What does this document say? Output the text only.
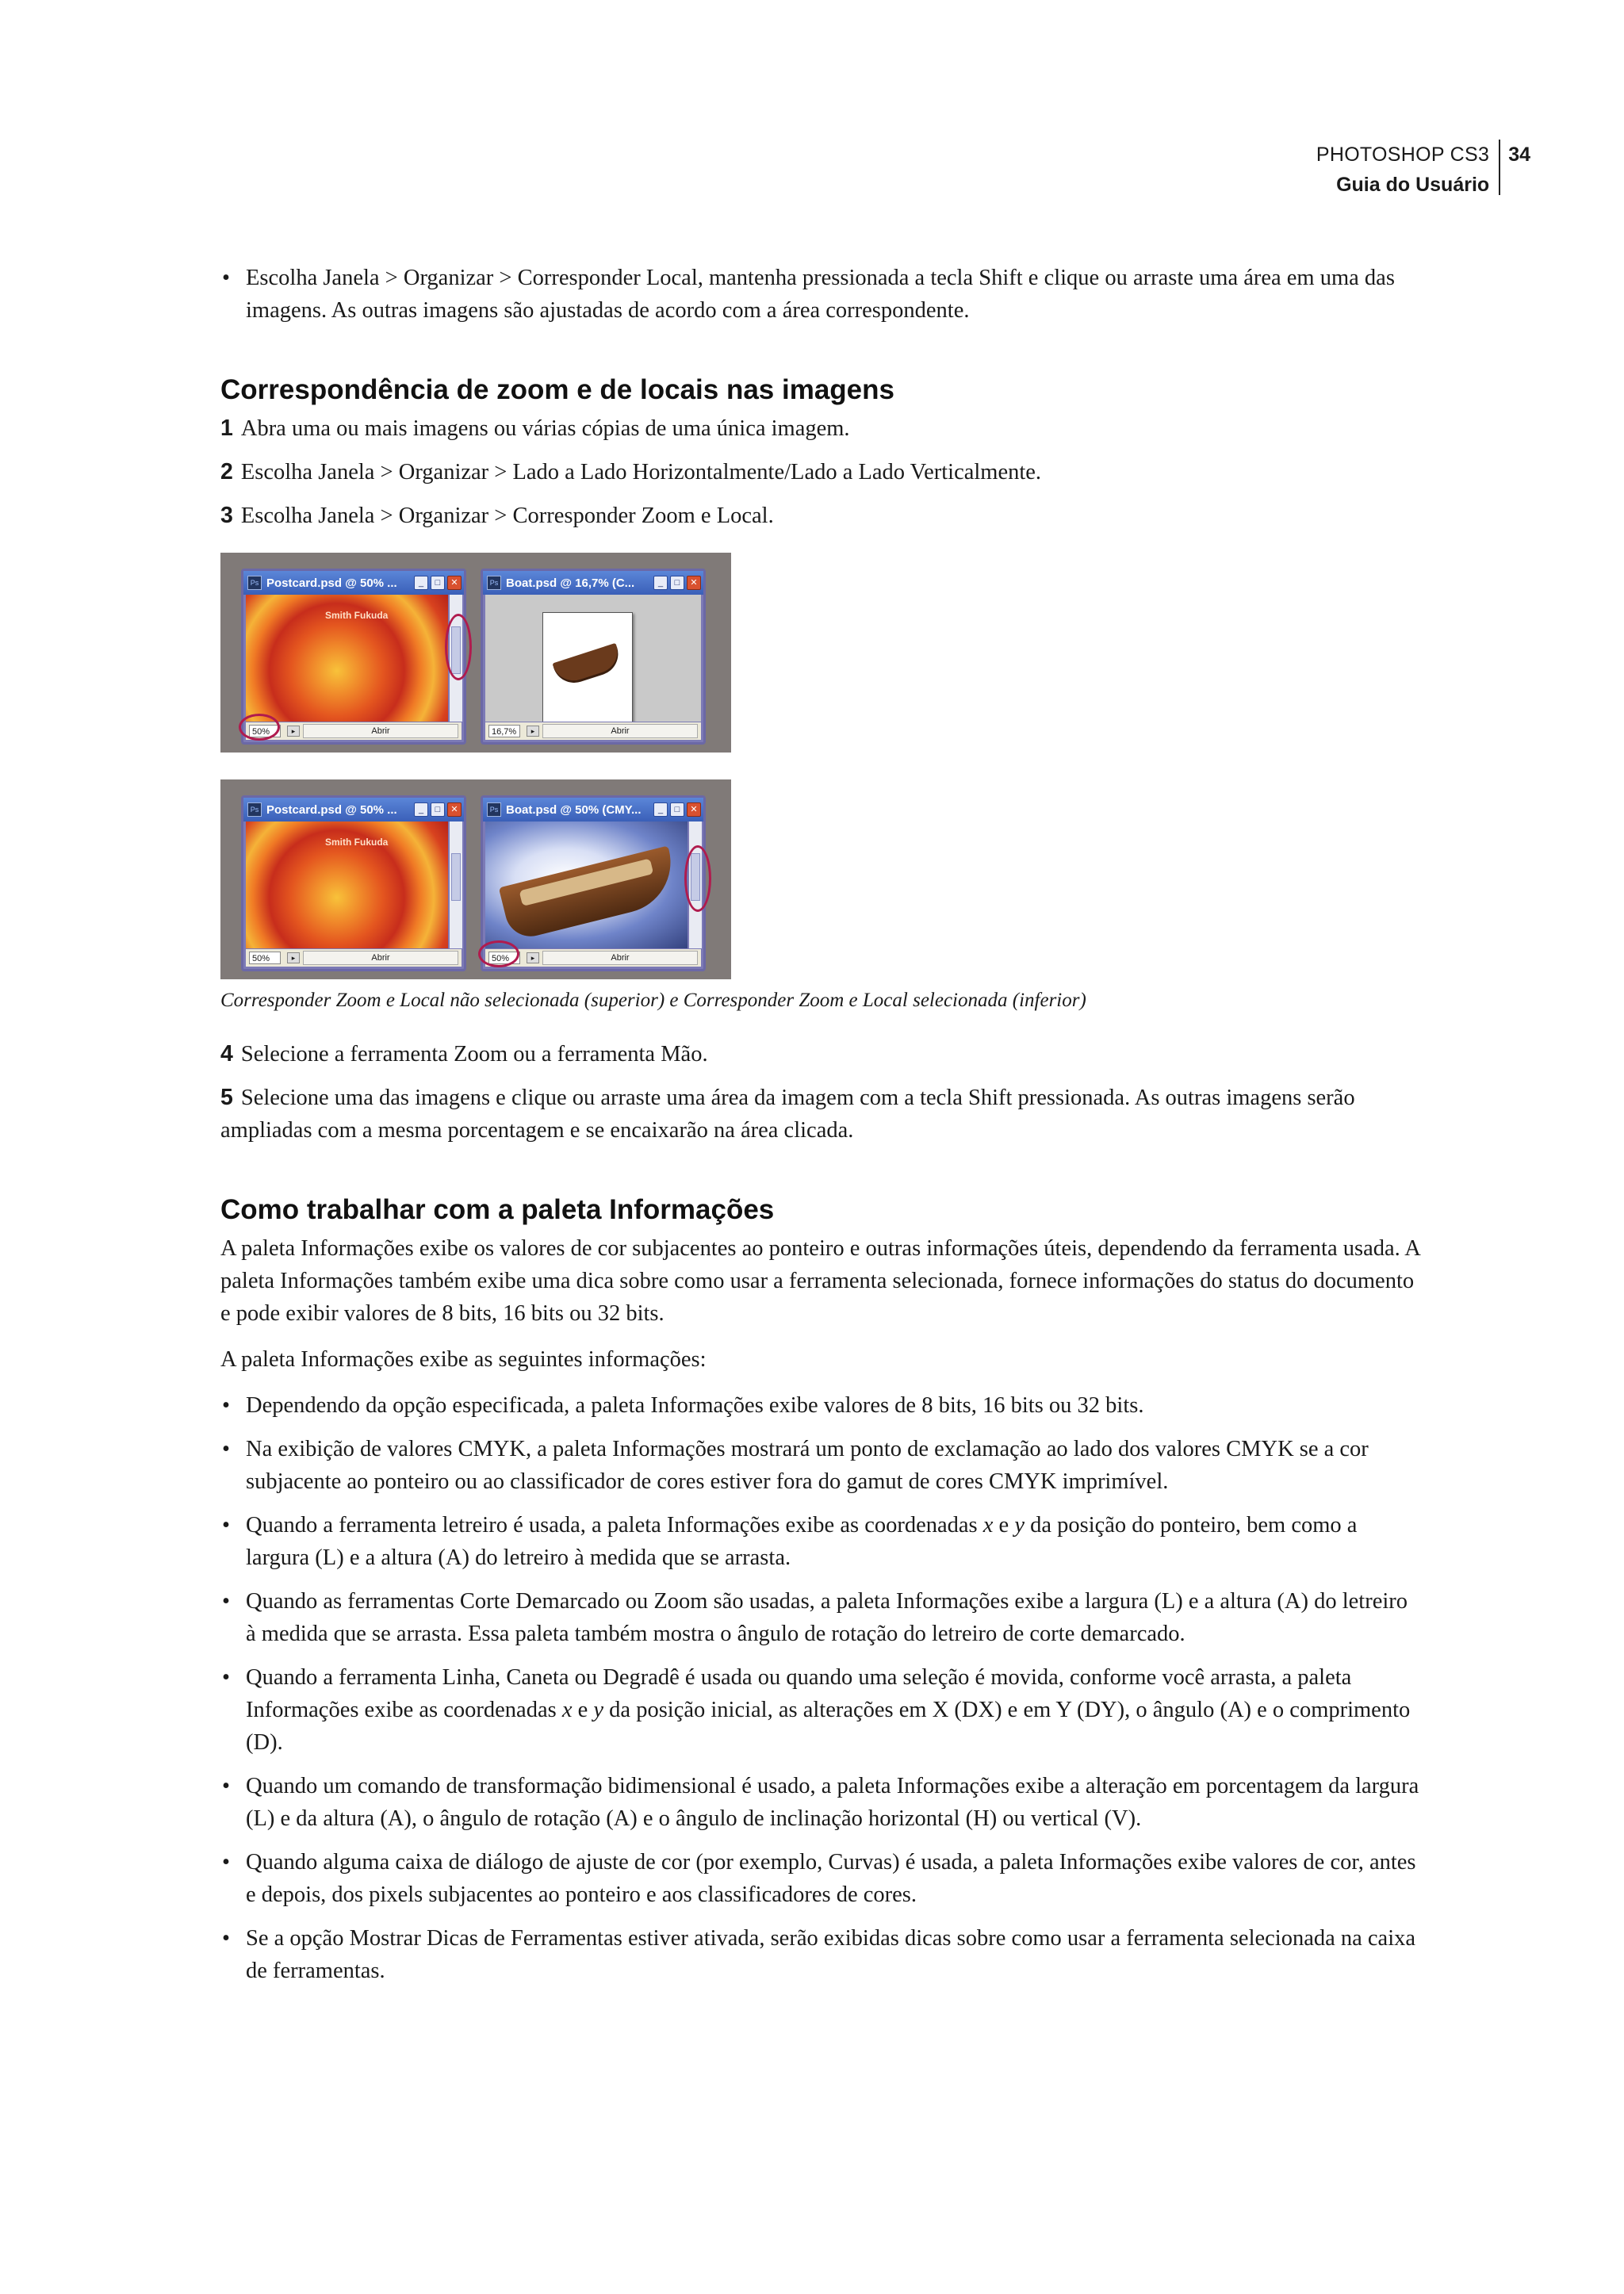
PHOTOSHOP CS3
Guia do Usuário
34

• Escolha Janela > Organizar > Corresponder Local, mantenha pressionada a tecla Shift e clique ou arraste uma área em uma das imagens. As outras imagens são ajustadas de acordo com a área correspondente.

Correspondência de zoom e de locais nas imagens

1 Abra uma ou mais imagens ou várias cópias de uma única imagem.

2 Escolha Janela > Organizar > Lado a Lado Horizontalmente/Lado a Lado Verticalmente.

3 Escolha Janela > Organizar > Corresponder Zoom e Local.

Ps Postcard.psd @ 50% ...	_	□	✕
Smith Fukuda
50%	▸	Abrir
Ps Boat.psd @ 16,7% (C...	_	□	✕
16,7%	▸	Abrir
Ps Postcard.psd @ 50% ...	_	□	✕
Smith Fukuda
50%	▸	Abrir
Ps Boat.psd @ 50% (CMY...	_	□	✕
50%	▸	Abrir

Corresponder Zoom e Local não selecionada (superior) e Corresponder Zoom e Local selecionada (inferior)

4 Selecione a ferramenta Zoom ou a ferramenta Mão.

5 Selecione uma das imagens e clique ou arraste uma área da imagem com a tecla Shift pressionada. As outras imagens serão ampliadas com a mesma porcentagem e se encaixarão na área clicada.

Como trabalhar com a paleta Informações

A paleta Informações exibe os valores de cor subjacentes ao ponteiro e outras informações úteis, dependendo da ferramenta usada. A paleta Informações também exibe uma dica sobre como usar a ferramenta selecionada, fornece informações do status do documento e pode exibir valores de 8 bits, 16 bits ou 32 bits.

A paleta Informações exibe as seguintes informações:

• Dependendo da opção especificada, a paleta Informações exibe valores de 8 bits, 16 bits ou 32 bits.

• Na exibição de valores CMYK, a paleta Informações mostrará um ponto de exclamação ao lado dos valores CMYK se a cor subjacente ao ponteiro ou ao classificador de cores estiver fora do gamut de cores CMYK imprimível.

• Quando a ferramenta letreiro é usada, a paleta Informações exibe as coordenadas x e y da posição do ponteiro, bem como a largura (L) e a altura (A) do letreiro à medida que se arrasta.

• Quando as ferramentas Corte Demarcado ou Zoom são usadas, a paleta Informações exibe a largura (L) e a altura (A) do letreiro à medida que se arrasta. Essa paleta também mostra o ângulo de rotação do letreiro de corte demarcado.

• Quando a ferramenta Linha, Caneta ou Degradê é usada ou quando uma seleção é movida, conforme você arrasta, a paleta Informações exibe as coordenadas x e y da posição inicial, as alterações em X (DX) e em Y (DY), o ângulo (A) e o comprimento (D).

• Quando um comando de transformação bidimensional é usado, a paleta Informações exibe a alteração em porcentagem da largura (L) e da altura (A), o ângulo de rotação (A) e o ângulo de inclinação horizontal (H) ou vertical (V).

• Quando alguma caixa de diálogo de ajuste de cor (por exemplo, Curvas) é usada, a paleta Informações exibe valores de cor, antes e depois, dos pixels subjacentes ao ponteiro e aos classificadores de cores.

• Se a opção Mostrar Dicas de Ferramentas estiver ativada, serão exibidas dicas sobre como usar a ferramenta selecionada na caixa de ferramentas.
